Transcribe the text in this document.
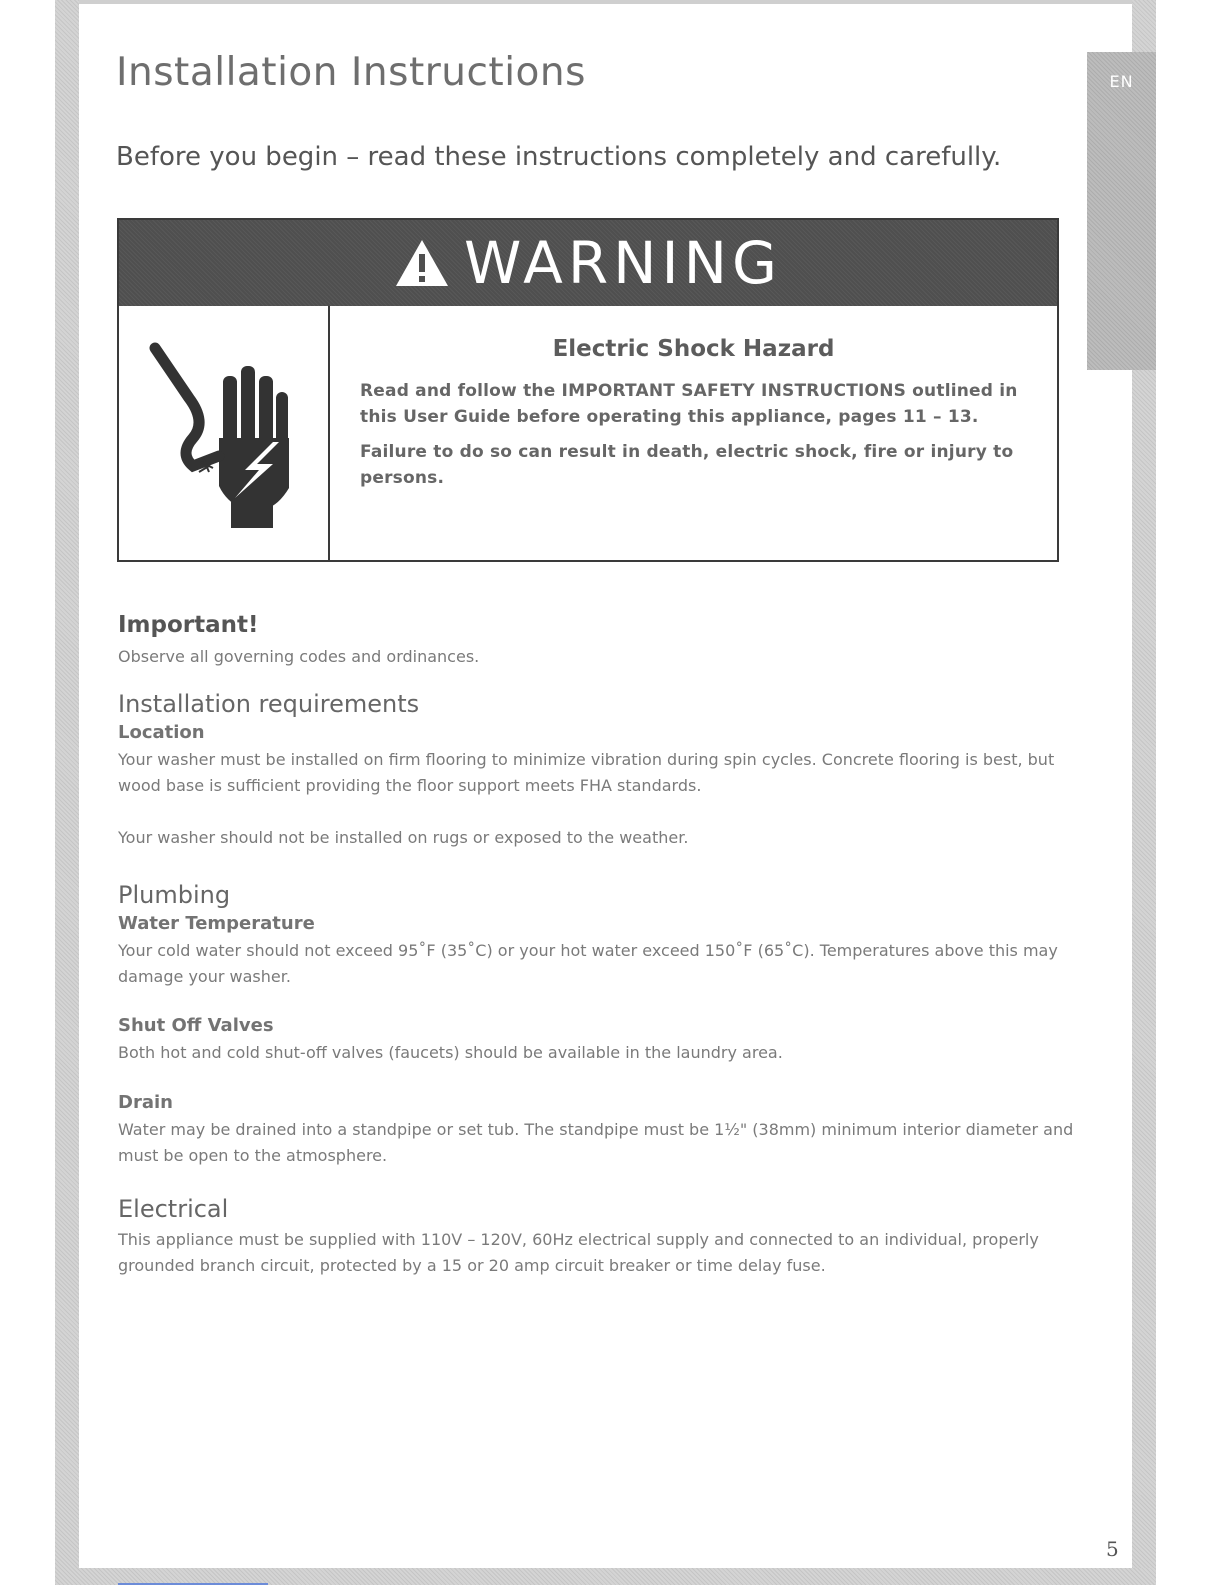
EN
Installation Instructions

Before you begin – read these instructions completely and carefully.

WARNING

Electric Shock Hazard

Read and follow the IMPORTANT SAFETY INSTRUCTIONS outlined in this User Guide before operating this appliance, pages 11 – 13.

Failure to do so can result in death, electric shock, fire or injury to persons.

Important!

Observe all governing codes and ordinances.

Installation requirements

Location

Your washer must be installed on firm flooring to minimize vibration during spin cycles. Concrete flooring is best, but wood base is sufficient providing the floor support meets FHA standards.

Your washer should not be installed on rugs or exposed to the weather.

Plumbing

Water Temperature

Your cold water should not exceed 95˚F (35˚C) or your hot water exceed 150˚F (65˚C). Temperatures above this may damage your washer.

Shut Off Valves

Both hot and cold shut-off valves (faucets) should be available in the laundry area.

Drain

Water may be drained into a standpipe or set tub. The standpipe must be 1½" (38mm) minimum interior diameter and must be open to the atmosphere.

Electrical

This appliance must be supplied with 110V – 120V, 60Hz electrical supply and connected to an individual, properly grounded branch circuit, protected by a 15 or 20 amp circuit breaker or time delay fuse.

5
